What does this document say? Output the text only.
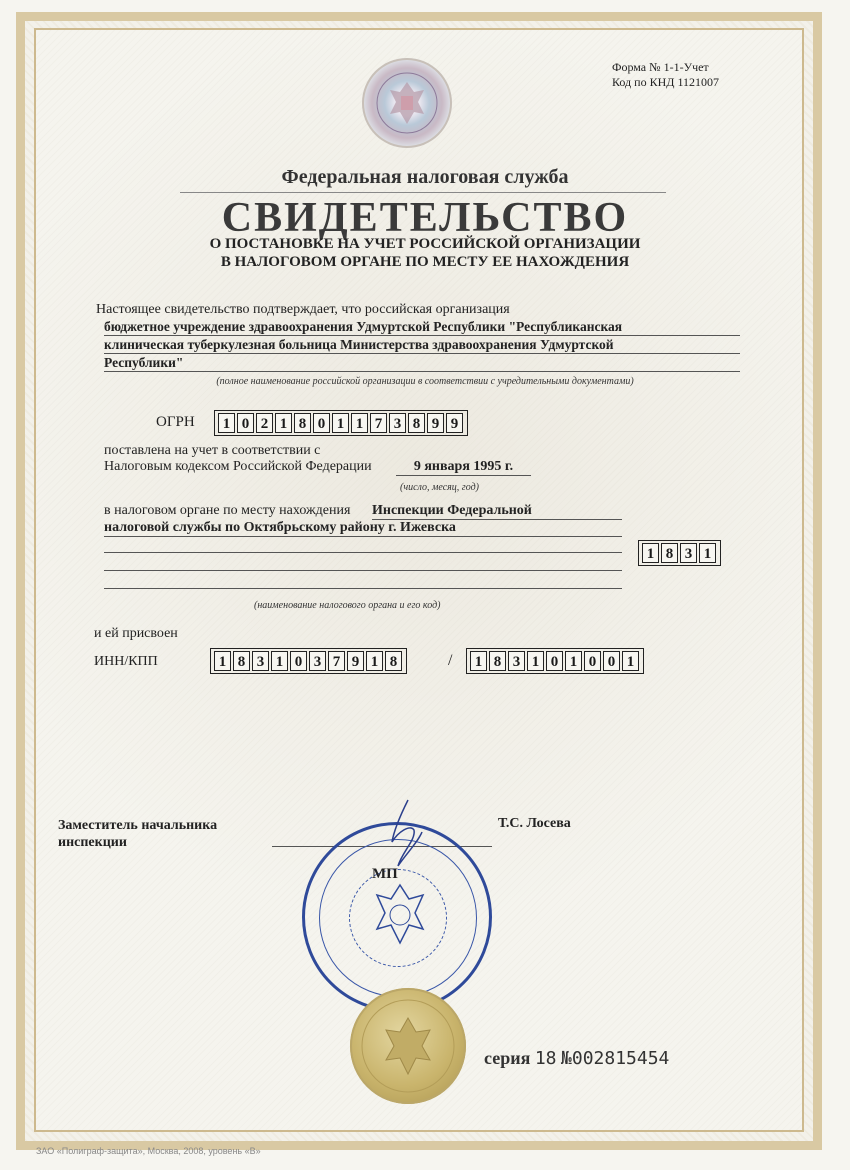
Форма № 1-1-Учет
Код по КНД 1121007
Федеральная налоговая служба
СВИДЕТЕЛЬСТВО
О ПОСТАНОВКЕ НА УЧЕТ РОССИЙСКОЙ ОРГАНИЗАЦИИ
В НАЛОГОВОМ ОРГАНЕ ПО МЕСТУ ЕЕ НАХОЖДЕНИЯ
Настоящее свидетельство подтверждает, что российская организация
бюджетное учреждение здравоохранения Удмуртской Республики "Республиканская
клиническая туберкулезная больница Министерства здравоохранения Удмуртской
Республики"
(полное наименование российской организации в соответствии с учредительными документами)
ОГРН	1 0 2 1 8 0 1 1 7 3 8 9 9
поставлена на учет в соответствии с
Налоговым кодексом Российской Федерации	9 января 1995 г.
(число, месяц, год)
в налоговом органе по месту нахождения Инспекции Федеральной
налоговой службы по Октябрьскому району г. Ижевска
1 8 3 1
(наименование налогового органа и его код)
и ей присвоен
ИНН/КПП	1 8 3 1 0 3 7 9 1 8	/	1 8 3 1 0 1 0 0 1
Заместитель начальника
инспекции
Т.С. Лосева
МП
серия 18 №002815454
ЗАО «Полиграф-защита», Москва, 2008, уровень «В»
